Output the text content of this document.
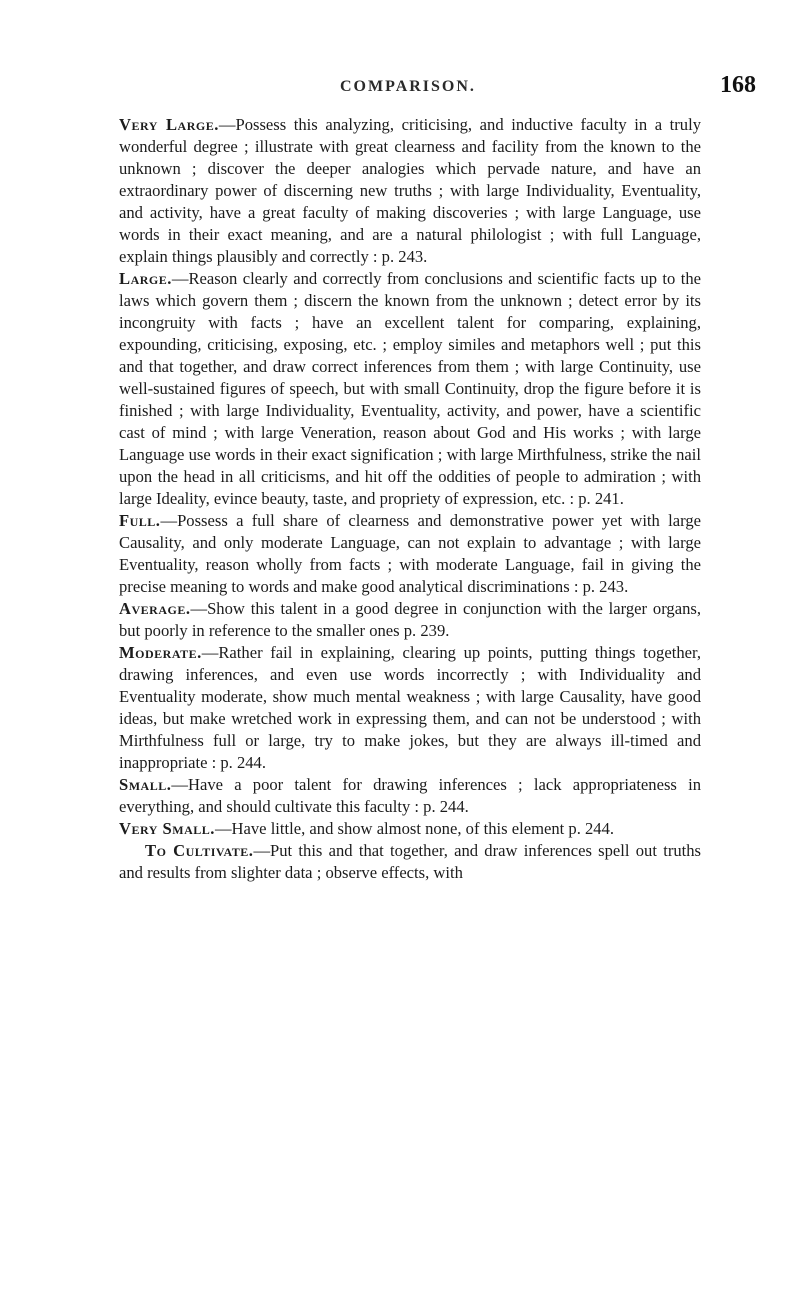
COMPARISON.	168

Very Large.—Possess this analyzing, criticising, and inductive faculty in a truly wonderful degree ; illustrate with great clearness and facility from the known to the unknown ; discover the deeper analogies which pervade nature, and have an extraordinary power of discerning new truths ; with large Individuality, Eventuality, and activity, have a great faculty of making discoveries ; with large Language, use words in their exact meaning, and are a natural philologist ; with full Language, explain things plausibly and correctly : p. 243.

Large.—Reason clearly and correctly from conclusions and scientific facts up to the laws which govern them ; discern the known from the unknown ; detect error by its incongruity with facts ; have an excellent talent for comparing, explaining, expounding, criticising, exposing, etc. ; employ similes and metaphors well ; put this and that together, and draw correct inferences from them ; with large Continuity, use well-sustained figures of speech, but with small Continuity, drop the figure before it is finished ; with large Individuality, Eventuality, activity, and power, have a scientific cast of mind ; with large Veneration, reason about God and His works ; with large Language use words in their exact signification ; with large Mirthfulness, strike the nail upon the head in all criticisms, and hit off the oddities of people to admiration ; with large Ideality, evince beauty, taste, and propriety of expression, etc. : p. 241.

Full.—Possess a full share of clearness and demonstrative power yet with large Causality, and only moderate Language, can not explain to advantage ; with large Eventuality, reason wholly from facts ; with moderate Language, fail in giving the precise meaning to words and make good analytical discriminations : p. 243.

Average.—Show this talent in a good degree in conjunction with the larger organs, but poorly in reference to the smaller ones p. 239.

Moderate.—Rather fail in explaining, clearing up points, putting things together, drawing inferences, and even use words incorrectly ; with Individuality and Eventuality moderate, show much mental weakness ; with large Causality, have good ideas, but make wretched work in expressing them, and can not be understood ; with Mirthfulness full or large, try to make jokes, but they are always ill-timed and inappropriate : p. 244.

Small.—Have a poor talent for drawing inferences ; lack appropriateness in everything, and should cultivate this faculty : p. 244.

Very Small.—Have little, and show almost none, of this element p. 244.

To Cultivate.—Put this and that together, and draw inferences spell out truths and results from slighter data ; observe effects, with
